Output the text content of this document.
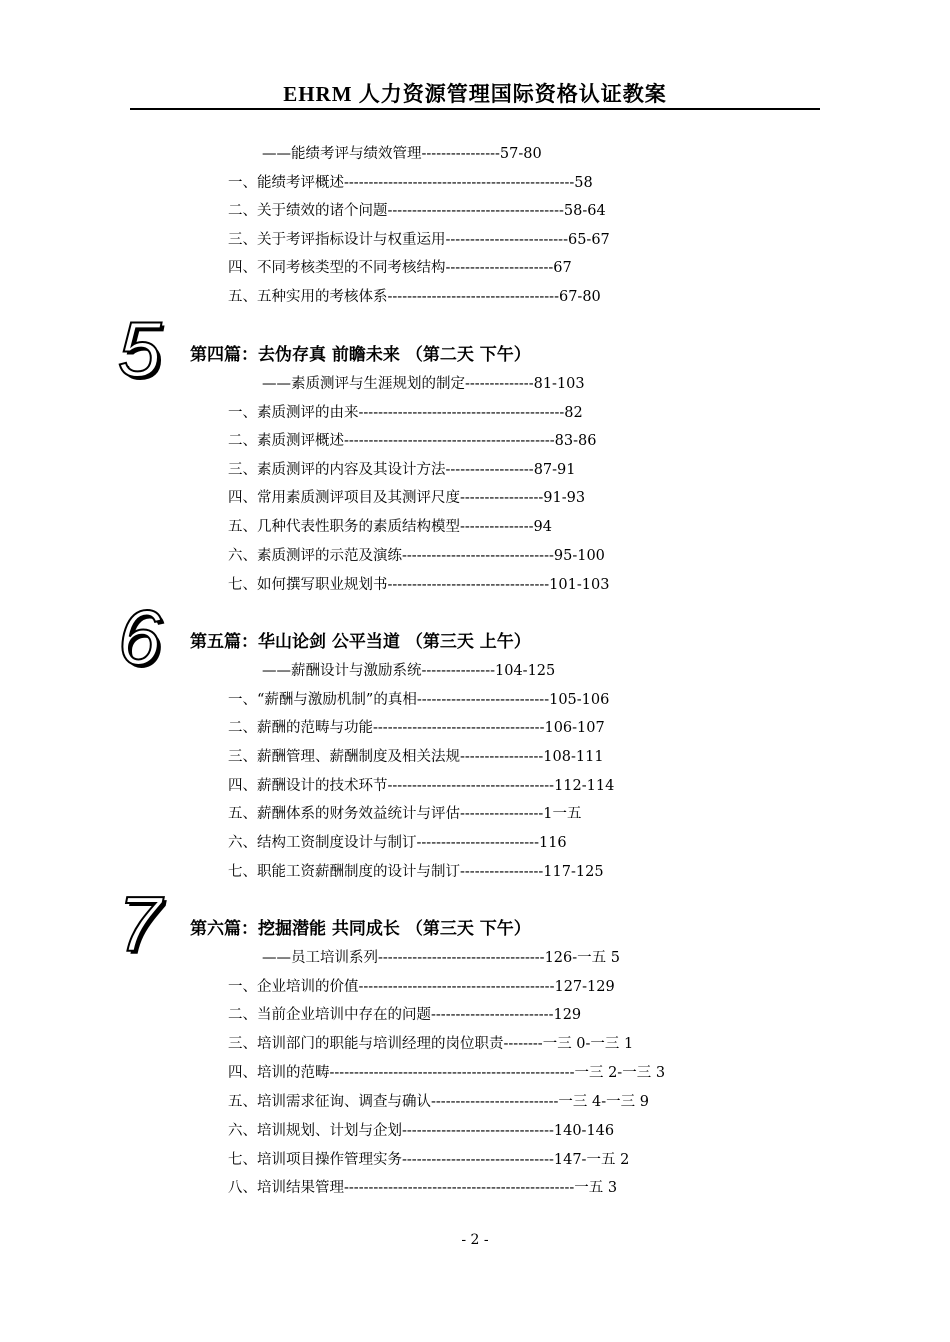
EHRM 人力资源管理国际资格认证教案
——能绩考评与绩效管理----------------57-80
一、能绩考评概述-----------------------------------------------58
二、关于绩效的诸个问题------------------------------------58-64
三、关于考评指标设计与权重运用-------------------------65-67
四、不同考核类型的不同考核结构----------------------67
五、五种实用的考核体系-----------------------------------67-80
5 第四篇：去伪存真 前瞻未来 （第二天 下午）
——素质测评与生涯规划的制定--------------81-103
一、素质测评的由来------------------------------------------82
二、素质测评概述-------------------------------------------83-86
三、素质测评的内容及其设计方法------------------87-91
四、常用素质测评项目及其测评尺度-----------------91-93
五、几种代表性职务的素质结构模型---------------94
六、素质测评的示范及演练-------------------------------95-100
七、如何撰写职业规划书---------------------------------101-103
6 第五篇：华山论剑 公平当道 （第三天 上午）
——薪酬设计与激励系统---------------104-125
一、“薪酬与激励机制”的真相---------------------------105-106
二、薪酬的范畴与功能-----------------------------------106-107
三、薪酬管理、薪酬制度及相关法规-----------------108-111
四、薪酬设计的技术环节----------------------------------112-114
五、薪酬体系的财务效益统计与评估-----------------1一五
六、结构工资制度设计与制订-------------------------116
七、职能工资薪酬制度的设计与制订-----------------117-125
7 第六篇：挖掘潜能 共同成长 （第三天 下午）
——员工培训系列----------------------------------126-一五 5
一、企业培训的价值----------------------------------------127-129
二、当前企业培训中存在的问题-------------------------129
三、培训部门的职能与培训经理的岗位职责--------一三 0-一三 1
四、培训的范畴--------------------------------------------------一三 2-一三 3
五、培训需求征询、调查与确认--------------------------一三 4-一三 9
六、培训规划、计划与企划-------------------------------140-146
七、培训项目操作管理实务-------------------------------147-一五 2
八、培训结果管理-----------------------------------------------一五 3
- 2 -
